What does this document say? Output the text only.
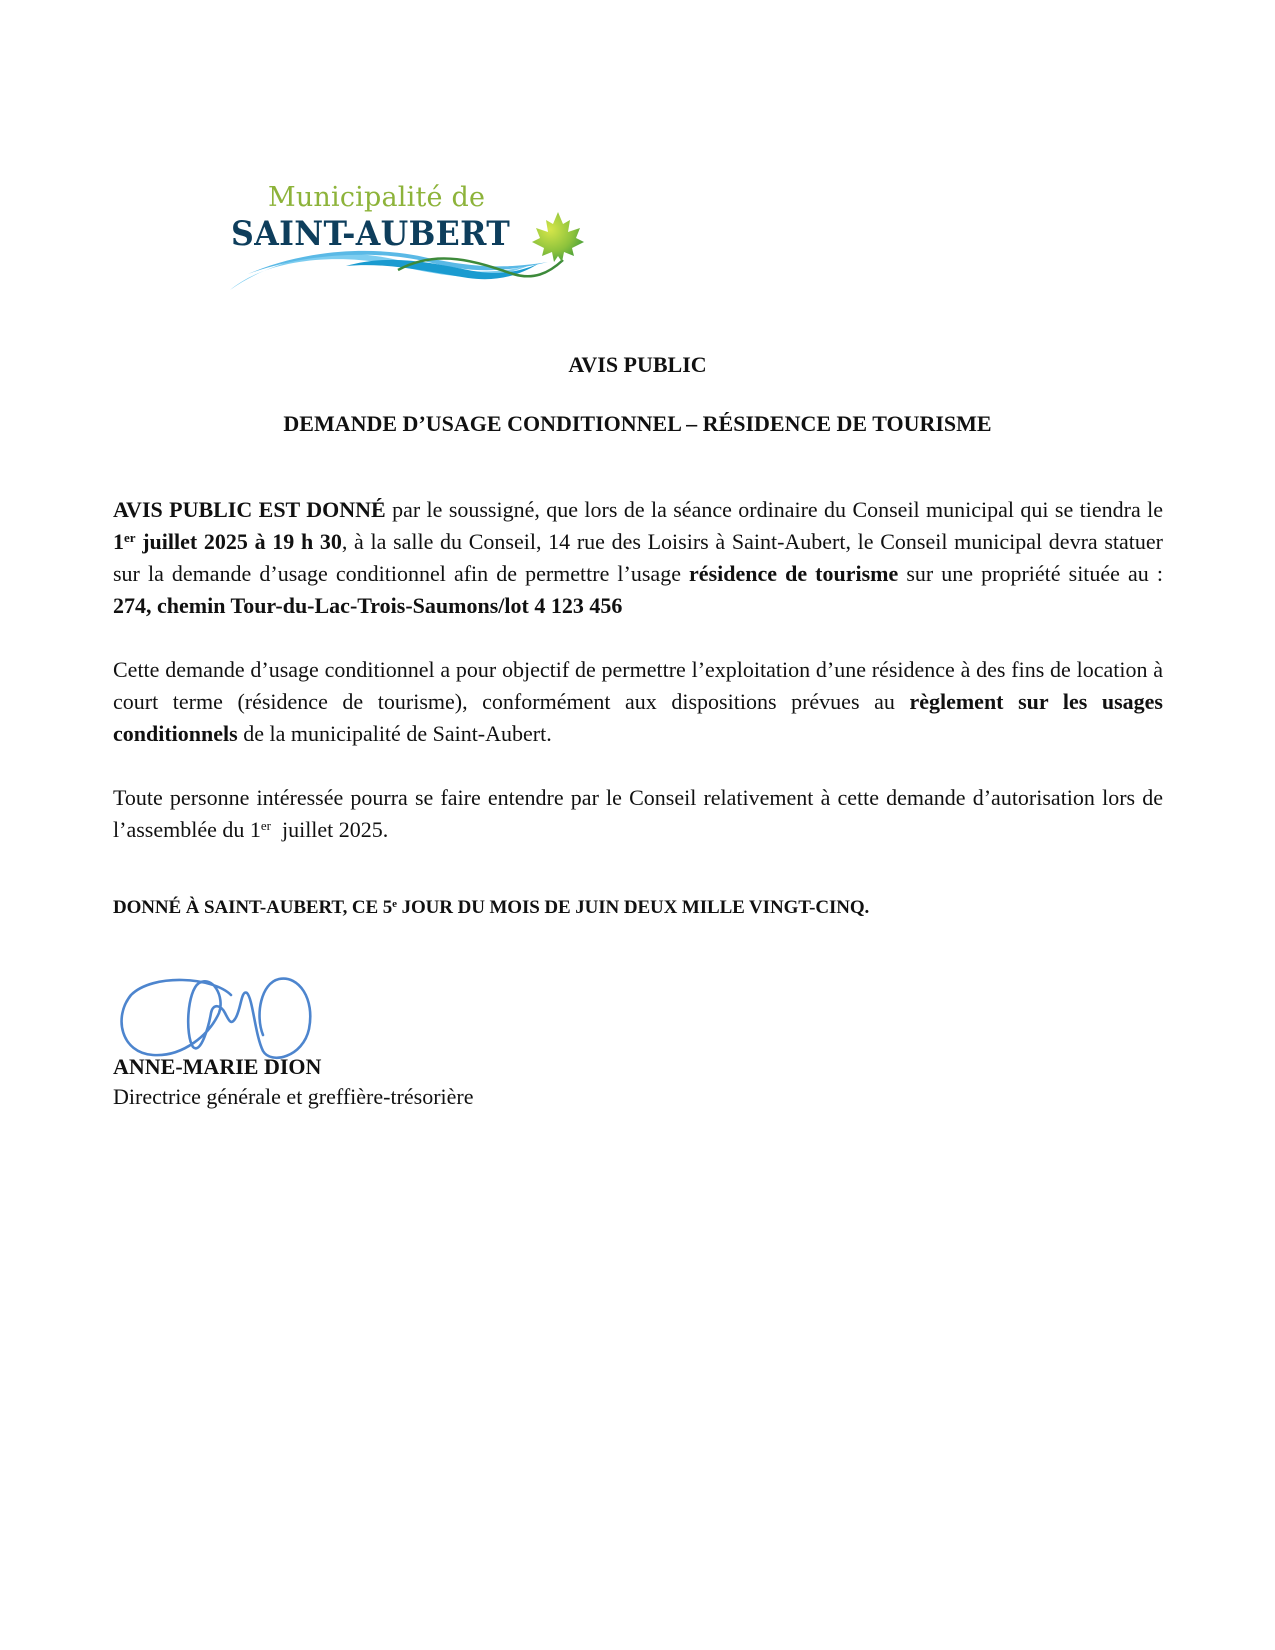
Municipalité de
SAINT-AUBERT
AVIS PUBLIC
DEMANDE D’USAGE CONDITIONNEL – RÉSIDENCE DE TOURISME
AVIS PUBLIC EST DONNÉ par le soussigné, que lors de la séance ordinaire du Conseil municipal qui se tiendra le 1er juillet 2025 à 19 h 30, à la salle du Conseil, 14 rue des Loisirs à Saint-Aubert, le Conseil municipal devra statuer sur la demande d’usage conditionnel afin de permettre l’usage résidence de tourisme sur une propriété située au : 274, chemin Tour-du-Lac-Trois-Saumons/lot 4 123 456
Cette demande d’usage conditionnel a pour objectif de permettre l’exploitation d’une résidence à des fins de location à court terme (résidence de tourisme), conformément aux dispositions prévues au règlement sur les usages conditionnels de la municipalité de Saint-Aubert.
Toute personne intéressée pourra se faire entendre par le Conseil relativement à cette demande d’autorisation lors de l’assemblée du 1er  juillet 2025.
DONNÉ À SAINT-AUBERT, CE 5e JOUR DU MOIS DE JUIN DEUX MILLE VINGT-CINQ.
ANNE-MARIE DION
Directrice générale et greffière-trésorière
